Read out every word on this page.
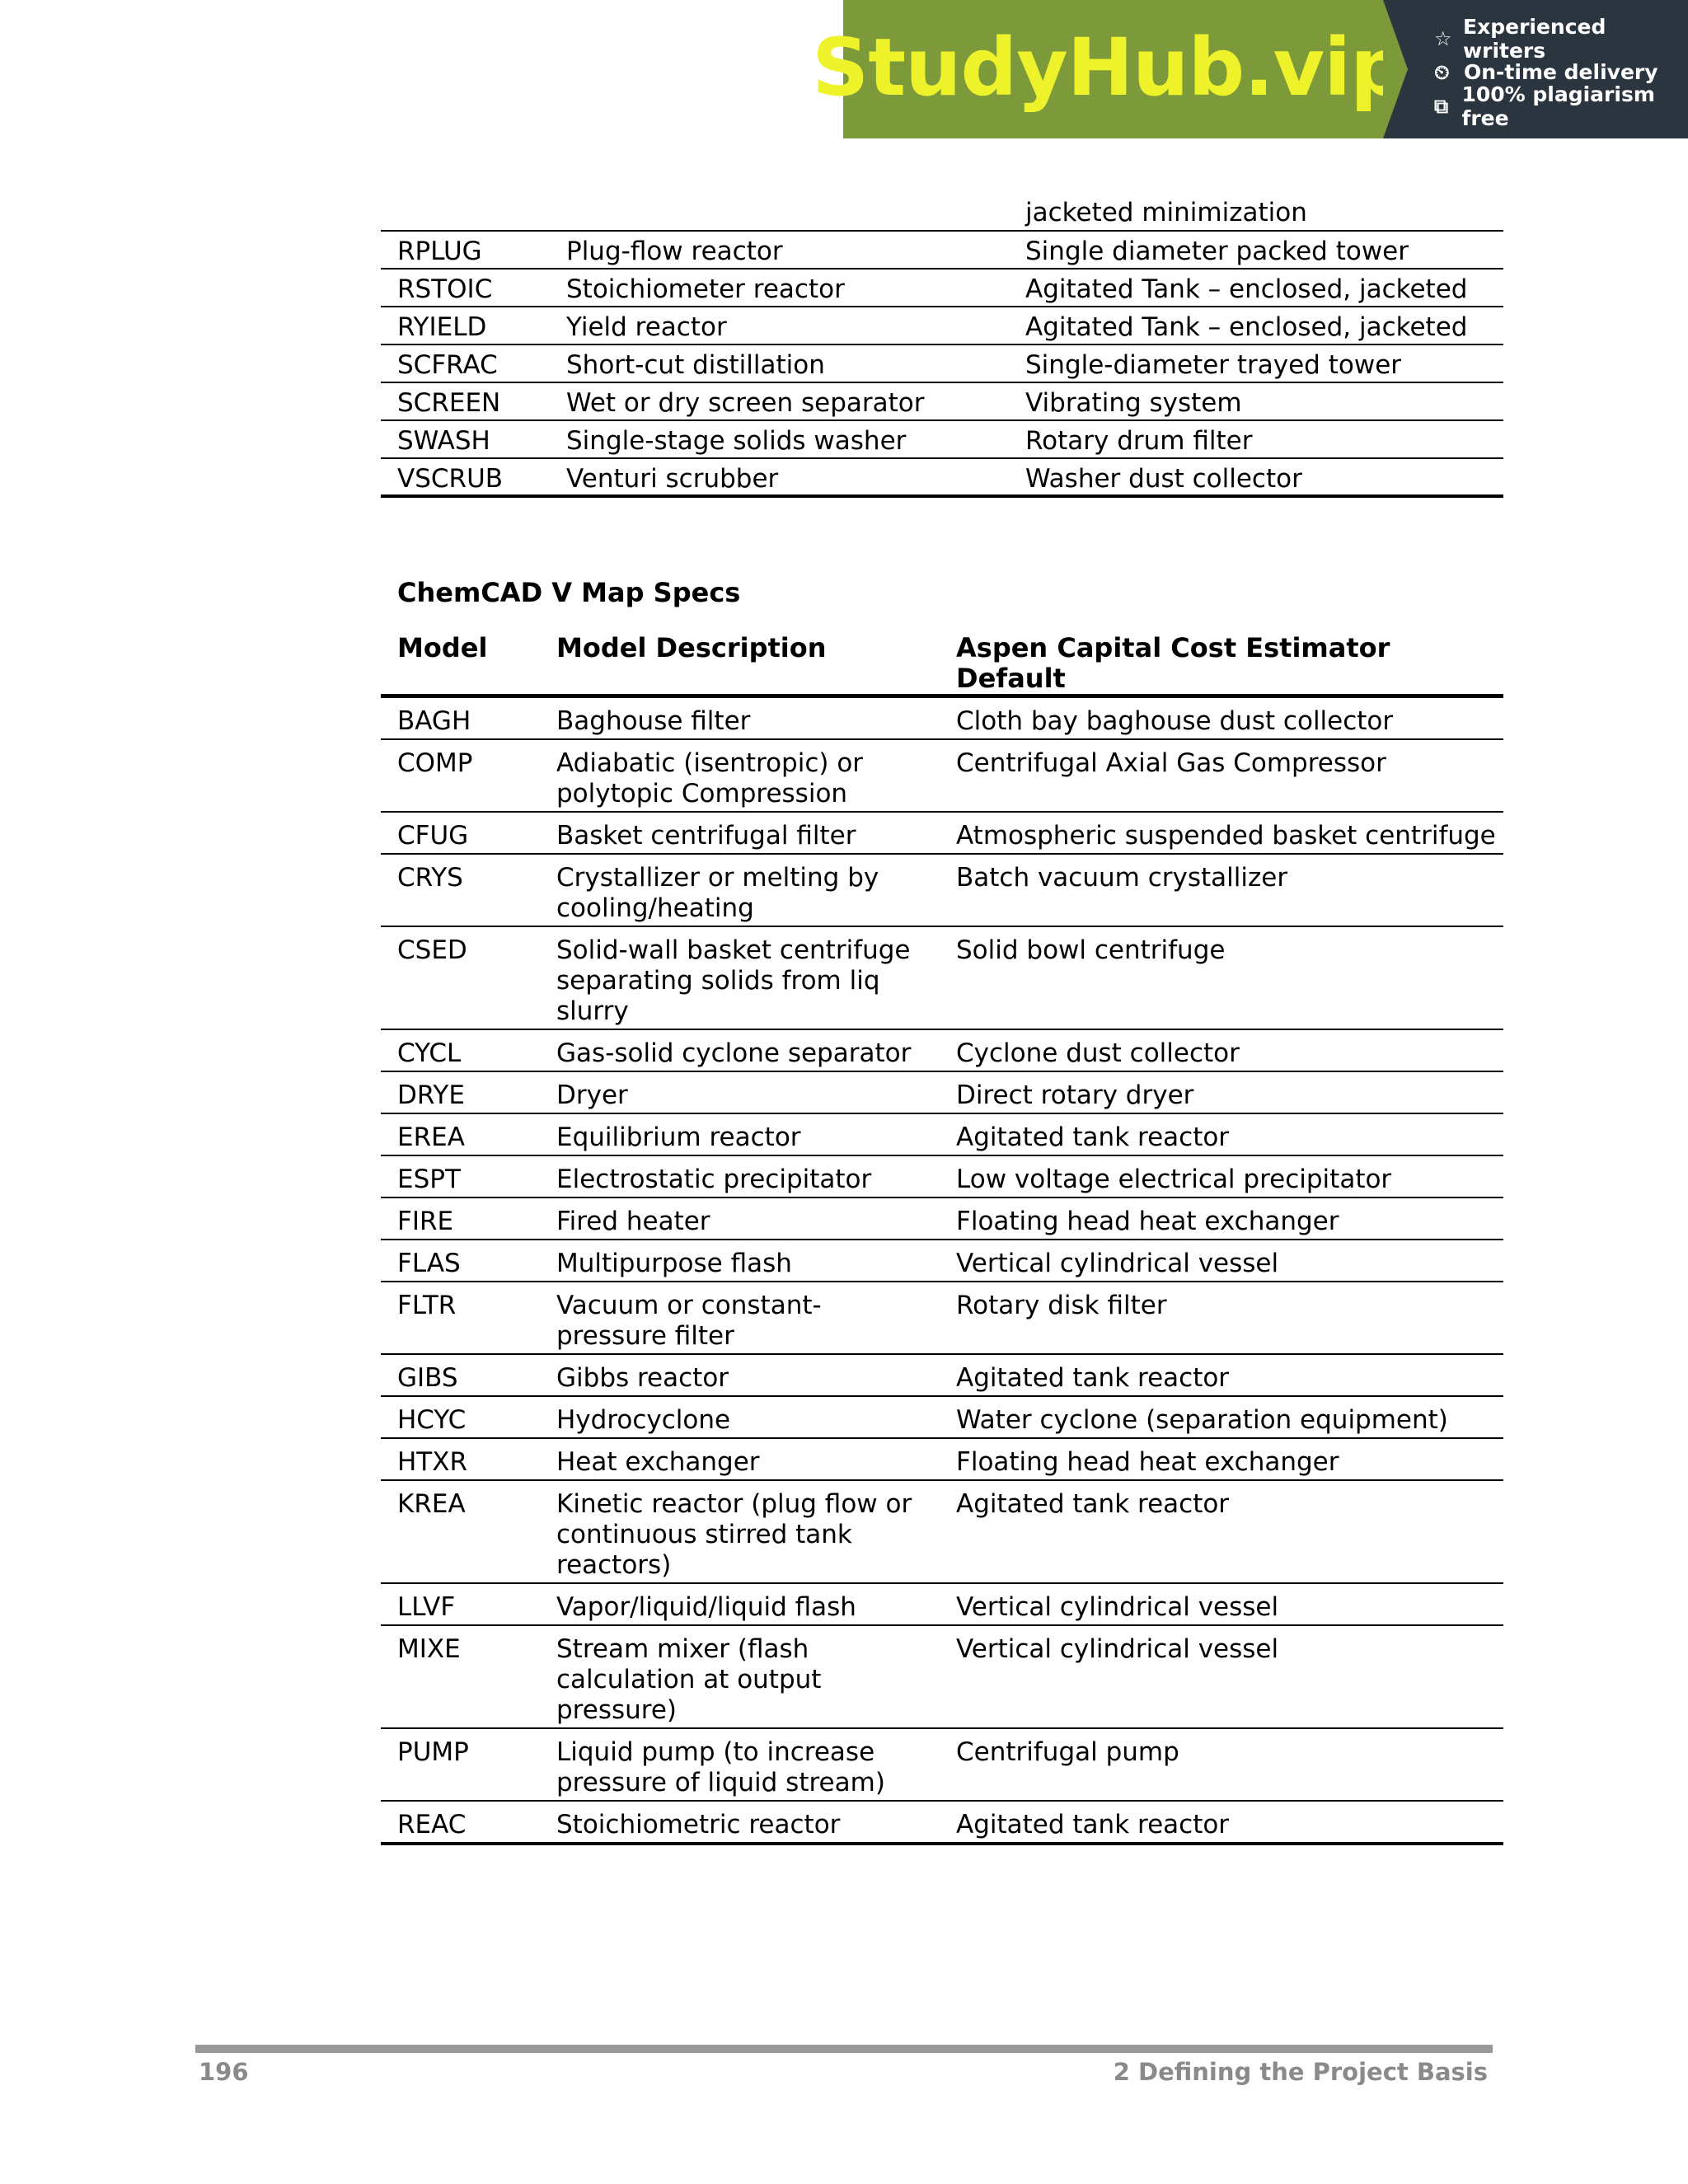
StudyHub.vip ☆ Experienced writers
⏲ On-time delivery
⧉ 100% plagiarism free
		jacketed minimization
RPLUG	Plug-flow reactor	Single diameter packed tower
RSTOIC	Stoichiometer reactor	Agitated Tank – enclosed, jacketed
RYIELD	Yield reactor	Agitated Tank – enclosed, jacketed
SCFRAC	Short-cut distillation	Single-diameter trayed tower
SCREEN	Wet or dry screen separator	Vibrating system
SWASH	Single-stage solids washer	Rotary drum filter
VSCRUB	Venturi scrubber	Washer dust collector
ChemCAD V Map Specs
Model	Model Description	Aspen Capital Cost Estimator Default
BAGH	Baghouse filter	Cloth bay baghouse dust collector
COMP	Adiabatic (isentropic) or polytopic Compression	Centrifugal Axial Gas Compressor
CFUG	Basket centrifugal filter	Atmospheric suspended basket centrifuge
CRYS	Crystallizer or melting by cooling/heating	Batch vacuum crystallizer
CSED	Solid-wall basket centrifuge separating solids from liq slurry	Solid bowl centrifuge
CYCL	Gas-solid cyclone separator	Cyclone dust collector
DRYE	Dryer	Direct rotary dryer
EREA	Equilibrium reactor	Agitated tank reactor
ESPT	Electrostatic precipitator	Low voltage electrical precipitator
FIRE	Fired heater	Floating head heat exchanger
FLAS	Multipurpose flash	Vertical cylindrical vessel
FLTR	Vacuum or constant-pressure filter	Rotary disk filter
GIBS	Gibbs reactor	Agitated tank reactor
HCYC	Hydrocyclone	Water cyclone (separation equipment)
HTXR	Heat exchanger	Floating head heat exchanger
KREA	Kinetic reactor (plug flow or continuous stirred tank reactors)	Agitated tank reactor
LLVF	Vapor/liquid/liquid flash	Vertical cylindrical vessel
MIXE	Stream mixer (flash calculation at output pressure)	Vertical cylindrical vessel
PUMP	Liquid pump (to increase pressure of liquid stream)	Centrifugal pump
REAC	Stoichiometric reactor	Agitated tank reactor
196	2 Defining the Project Basis
